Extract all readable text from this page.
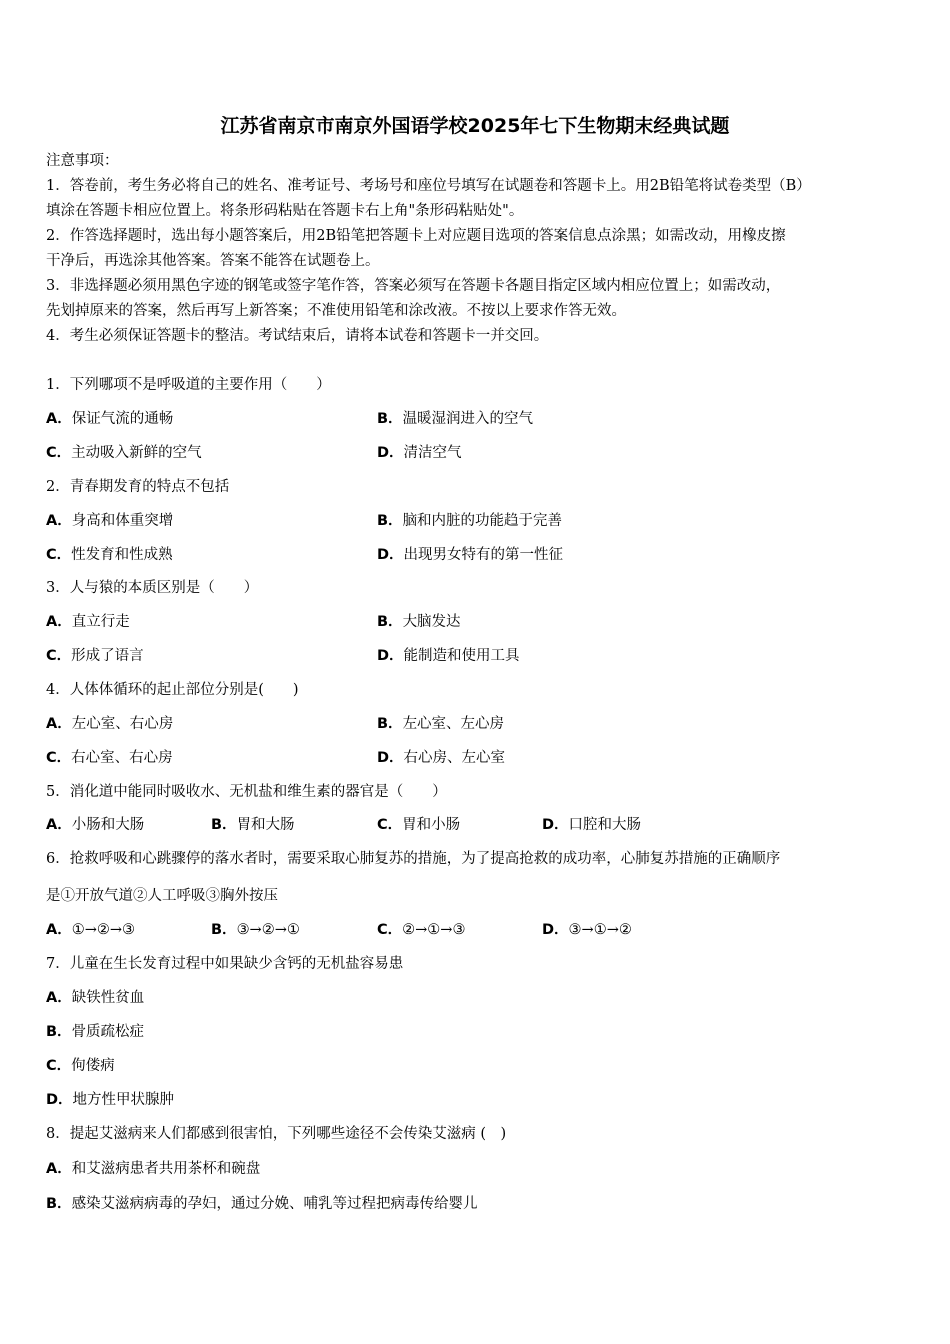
江苏省南京市南京外国语学校2025年七下生物期末经典试题
注意事项：
1．答卷前，考生务必将自己的姓名、准考证号、考场号和座位号填写在试题卷和答题卡上。用2B铅笔将试卷类型（B）
填涂在答题卡相应位置上。将条形码粘贴在答题卡右上角"条形码粘贴处"。
2．作答选择题时，选出每小题答案后，用2B铅笔把答题卡上对应题目选项的答案信息点涂黑；如需改动，用橡皮擦
干净后，再选涂其他答案。答案不能答在试题卷上。
3．非选择题必须用黑色字迹的钢笔或签字笔作答，答案必须写在答题卡各题目指定区域内相应位置上；如需改动，
先划掉原来的答案，然后再写上新答案；不准使用铅笔和涂改液。不按以上要求作答无效。
4．考生必须保证答题卡的整洁。考试结束后，请将本试卷和答题卡一并交回。
1．下列哪项不是呼吸道的主要作用（　　）
A．保证气流的通畅	B．温暖湿润进入的空气
C．主动吸入新鲜的空气	D．清洁空气
2．青春期发育的特点不包括
A．身高和体重突增	B．脑和内脏的功能趋于完善
C．性发育和性成熟	D．出现男女特有的第一性征
3．人与猿的本质区别是（　　）
A．直立行走	B．大脑发达
C．形成了语言	D．能制造和使用工具
4．人体体循环的起止部位分别是(　　)
A．左心室、右心房	B．左心室、左心房
C．右心室、右心房	D．右心房、左心室
5．消化道中能同时吸收水、无机盐和维生素的器官是（　　）
A．小肠和大肠	B．胃和大肠	C．胃和小肠	D．口腔和大肠
6．抢救呼吸和心跳骤停的落水者时，需要采取心肺复苏的措施，为了提高抢救的成功率，心肺复苏措施的正确顺序
是①开放气道②人工呼吸③胸外按压
A．①→②→③	B．③→②→①	C．②→①→③	D．③→①→②
7．儿童在生长发育过程中如果缺少含钙的无机盐容易患
A．缺铁性贫血
B．骨质疏松症
C．佝偻病
D．地方性甲状腺肿
8．提起艾滋病来人们都感到很害怕，下列哪些途径不会传染艾滋病 (　)
A．和艾滋病患者共用茶杯和碗盘
B．感染艾滋病病毒的孕妇，通过分娩、哺乳等过程把病毒传给婴儿
